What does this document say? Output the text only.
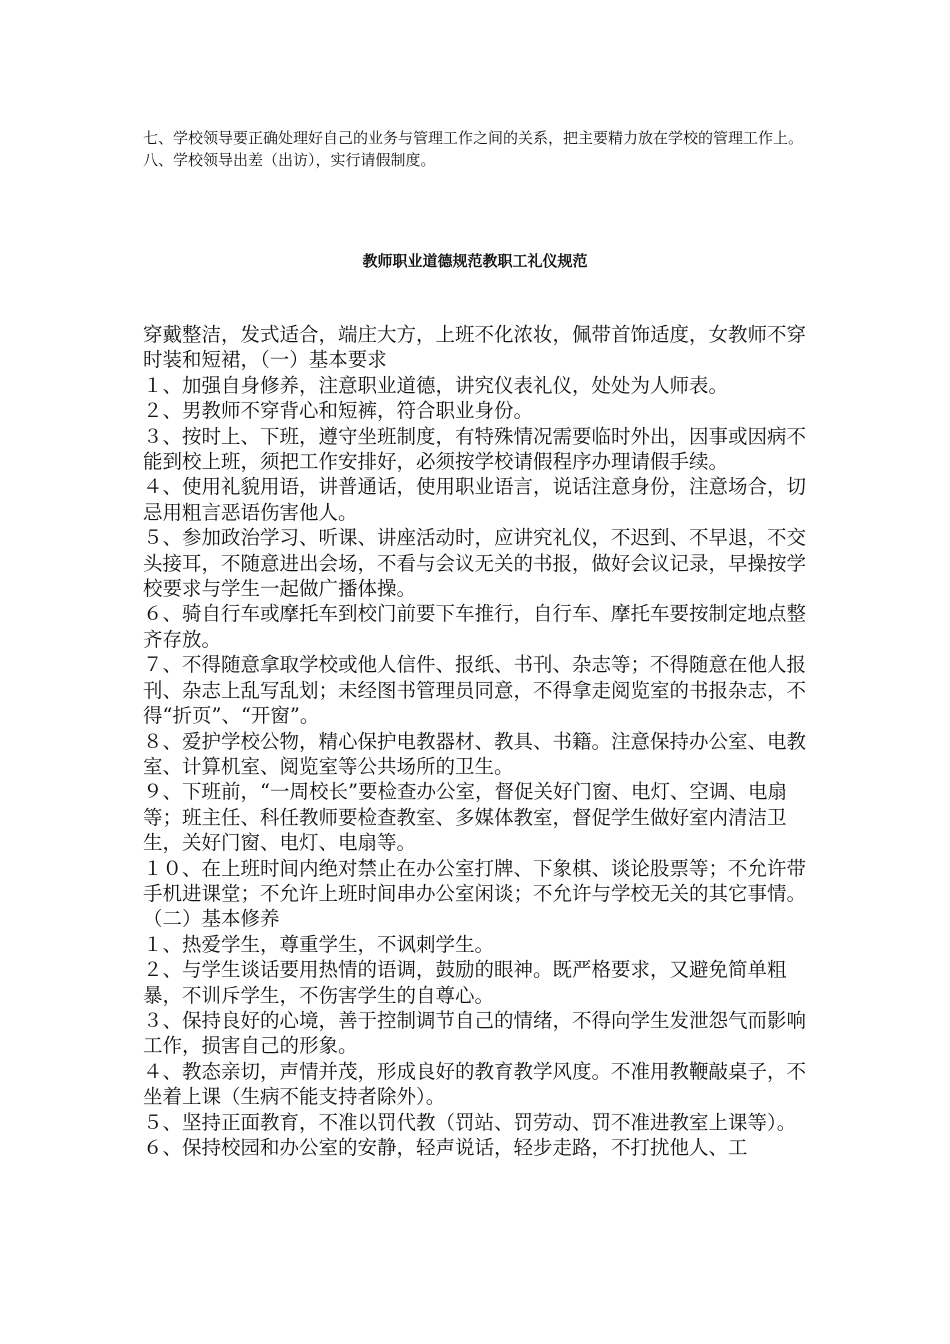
七、学校领导要正确处理好自己的业务与管理工作之间的关系，把主要精力放在学校的管理工作上。

八、学校领导出差（出访），实行请假制度。

教师职业道德规范教职工礼仪规范

穿戴整洁，发式适合，端庄大方，上班不化浓妆，佩带首饰适度，女教师不穿时装和短裙，（一）基本要求

１、加强自身修养，注意职业道德，讲究仪表礼仪，处处为人师表。

２、男教师不穿背心和短裤，符合职业身份。

３、按时上、下班，遵守坐班制度，有特殊情况需要临时外出，因事或因病不能到校上班，须把工作安排好，必须按学校请假程序办理请假手续。

４、使用礼貌用语，讲普通话，使用职业语言，说话注意身份，注意场合，切忌用粗言恶语伤害他人。

５、参加政治学习、听课、讲座活动时，应讲究礼仪，不迟到、不早退，不交头接耳，不随意进出会场，不看与会议无关的书报，做好会议记录，早操按学校要求与学生一起做广播体操。

６、骑自行车或摩托车到校门前要下车推行，自行车、摩托车要按制定地点整齐存放。

７、不得随意拿取学校或他人信件、报纸、书刊、杂志等；不得随意在他人报刊、杂志上乱写乱划；未经图书管理员同意，不得拿走阅览室的书报杂志，不得“折页”、“开窗”。

８、爱护学校公物，精心保护电教器材、教具、书籍。注意保持办公室、电教室、计算机室、阅览室等公共场所的卫生。

９、下班前，“一周校长”要检查办公室，督促关好门窗、电灯、空调、电扇等；班主任、科任教师要检查教室、多媒体教室，督促学生做好室内清洁卫生，关好门窗、电灯、电扇等。

１０、在上班时间内绝对禁止在办公室打牌、下象棋、谈论股票等；不允许带手机进课堂；不允许上班时间串办公室闲谈；不允许与学校无关的其它事情。

（二）基本修养

１、热爱学生，尊重学生，不讽刺学生。

２、与学生谈话要用热情的语调，鼓励的眼神。既严格要求，又避免简单粗暴，不训斥学生，不伤害学生的自尊心。

３、保持良好的心境，善于控制调节自己的情绪，不得向学生发泄怨气而影响工作，损害自己的形象。

４、教态亲切，声情并茂，形成良好的教育教学风度。不准用教鞭敲桌子，不坐着上课（生病不能支持者除外）。

５、坚持正面教育，不准以罚代教（罚站、罚劳动、罚不准进教室上课等）。

６、保持校园和办公室的安静，轻声说话，轻步走路，不打扰他人、工
